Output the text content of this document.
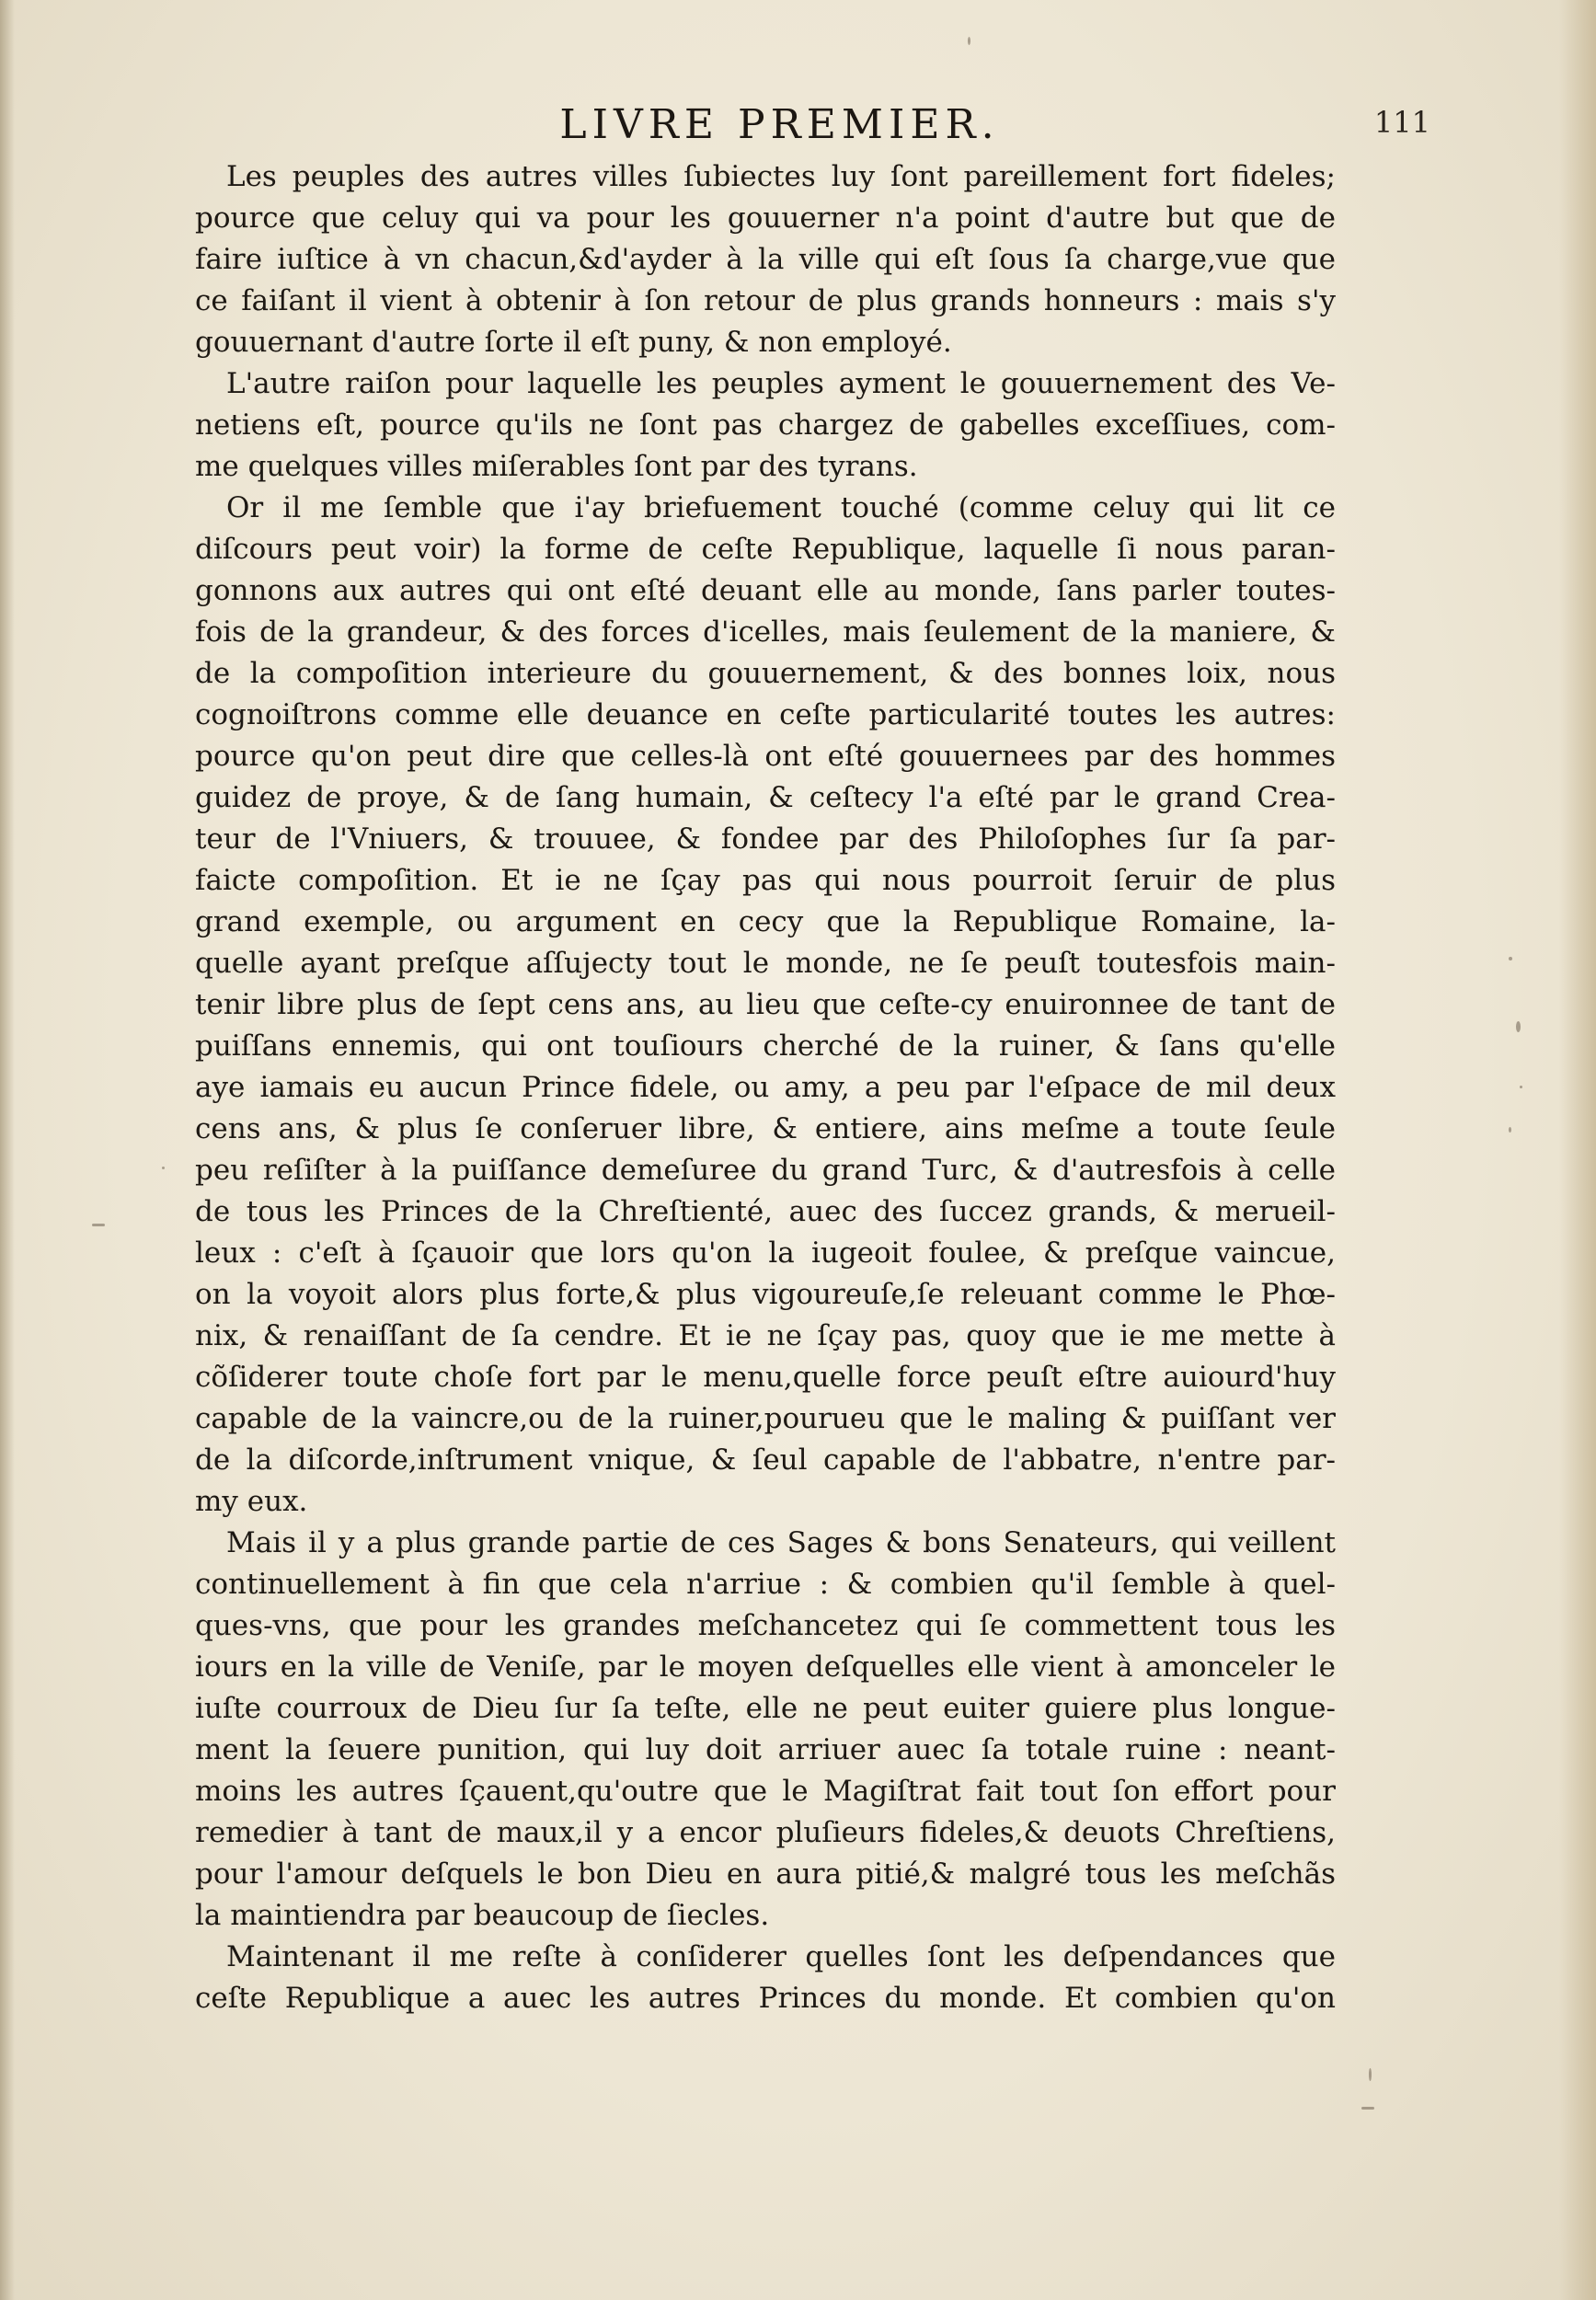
LIVRE PREMIER.	111
Les peuples des autres villes ſubiectes luy ſont pareillement fort fideles;
pource que celuy qui va pour les gouuerner n'a point d'autre but que de
faire iuſtice à vn chacun,&d'ayder à la ville qui eſt ſous ſa charge,vue que
ce faiſant il vient à obtenir à ſon retour de plus grands honneurs : mais s'y
gouuernant d'autre ſorte il eſt puny, & non employé.
L'autre raiſon pour laquelle les peuples ayment le gouuernement des Ve-
netiens eſt, pource qu'ils ne ſont pas chargez de gabelles exceſſiues, com-
me quelques villes miſerables ſont par des tyrans.
Or il me ſemble que i'ay briefuement touché (comme celuy qui lit ce
diſcours peut voir) la forme de ceſte Republique, laquelle ſi nous paran-
gonnons aux autres qui ont eſté deuant elle au monde, ſans parler toutes-
fois de la grandeur, & des forces d'icelles, mais ſeulement de la maniere, &
de la compoſition interieure du gouuernement, & des bonnes loix, nous
cognoiſtrons comme elle deuance en ceſte particularité toutes les autres:
pource qu'on peut dire que celles-là ont eſté gouuernees par des hommes
guidez de proye, & de ſang humain, & ceſtecy l'a eſté par le grand Crea-
teur de l'Vniuers, & trouuee, & fondee par des Philoſophes ſur ſa par-
faicte compoſition. Et ie ne ſçay pas qui nous pourroit ſeruir de plus
grand exemple, ou argument en cecy que la Republique Romaine, la-
quelle ayant preſque aſſujecty tout le monde, ne ſe peuſt toutesfois main-
tenir libre plus de ſept cens ans, au lieu que ceſte-cy enuironnee de tant de
puiſſans ennemis, qui ont touſiours cherché de la ruiner, & ſans qu'elle
aye iamais eu aucun Prince fidele, ou amy, a peu par l'eſpace de mil deux
cens ans, & plus ſe conſeruer libre, & entiere, ains meſme a toute ſeule
peu reſiſter à la puiſſance demeſuree du grand Turc, & d'autresfois à celle
de tous les Princes de la Chreſtienté, auec des ſuccez grands, & merueil-
leux : c'eſt à ſçauoir que lors qu'on la iugeoit foulee, & preſque vaincue,
on la voyoit alors plus forte,& plus vigoureuſe,ſe releuant comme le Phœ-
nix, & renaiſſant de ſa cendre. Et ie ne ſçay pas, quoy que ie me mette à
cõſiderer toute choſe fort par le menu,quelle force peuſt eſtre auiourd'huy
capable de la vaincre,ou de la ruiner,pourueu que le maling & puiſſant ver
de la diſcorde,inſtrument vnique, & ſeul capable de l'abbatre, n'entre par-
my eux.
Mais il y a plus grande partie de ces Sages & bons Senateurs, qui veillent
continuellement à fin que cela n'arriue : & combien qu'il ſemble à quel-
ques-vns, que pour les grandes meſchancetez qui ſe commettent tous les
iours en la ville de Veniſe, par le moyen deſquelles elle vient à amonceler le
iuſte courroux de Dieu ſur ſa teſte, elle ne peut euiter guiere plus longue-
ment la ſeuere punition, qui luy doit arriuer auec ſa totale ruine : neant-
moins les autres ſçauent,qu'outre que le Magiſtrat fait tout ſon effort pour
remedier à tant de maux,il y a encor pluſieurs fideles,& deuots Chreſtiens,
pour l'amour deſquels le bon Dieu en aura pitié,& malgré tous les meſchãs
la maintiendra par beaucoup de ſiecles.
Maintenant il me reſte à conſiderer quelles ſont les deſpendances que
ceſte Republique a auec les autres Princes du monde. Et combien qu'on
